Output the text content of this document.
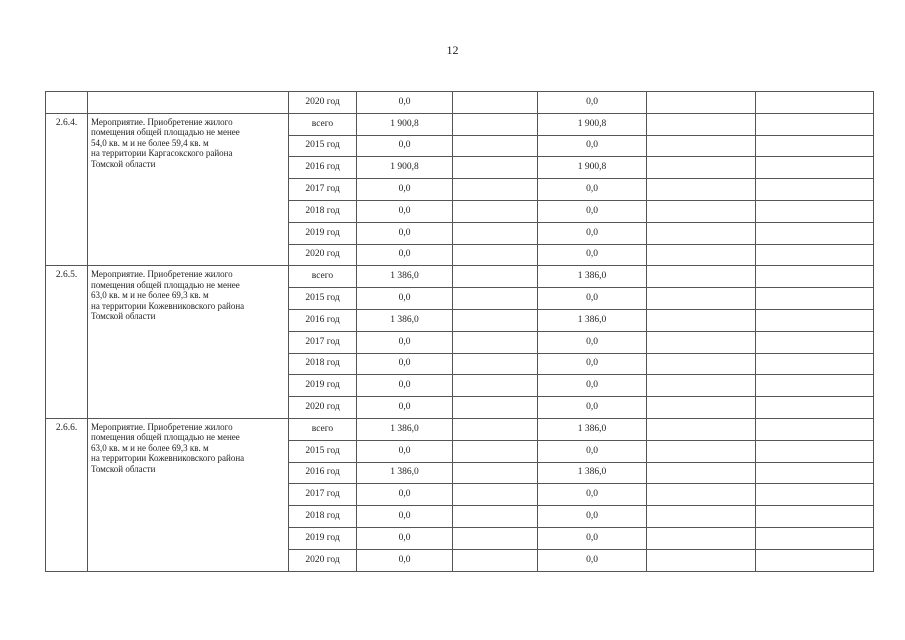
12
		2020 год	0,0		0,0		
2.6.4.	Мероприятие. Приобретение жилого
помещения общей площадью не менее
54,0 кв. м и не более 59,4 кв. м
на территории Каргасокского района
Томской области	всего	1 900,8		1 900,8		
		2015 год	0,0		0,0		
		2016 год	1 900,8		1 900,8		
		2017 год	0,0		0,0		
		2018 год	0,0		0,0		
		2019 год	0,0		0,0		
		2020 год	0,0		0,0		
2.6.5.	Мероприятие. Приобретение жилого
помещения общей площадью не менее
63,0 кв. м и не более 69,3 кв. м
на территории Кожевниковского района
Томской области	всего	1 386,0		1 386,0		
		2015 год	0,0		0,0		
		2016 год	1 386,0		1 386,0		
		2017 год	0,0		0,0		
		2018 год	0,0		0,0		
		2019 год	0,0		0,0		
		2020 год	0,0		0,0		
2.6.6.	Мероприятие. Приобретение жилого
помещения общей площадью не менее
63,0 кв. м и не более 69,3 кв. м
на территории Кожевниковского района
Томской области	всего	1 386,0		1 386,0		
		2015 год	0,0		0,0		
		2016 год	1 386,0		1 386,0		
		2017 год	0,0		0,0		
		2018 год	0,0		0,0		
		2019 год	0,0		0,0		
		2020 год	0,0		0,0		
